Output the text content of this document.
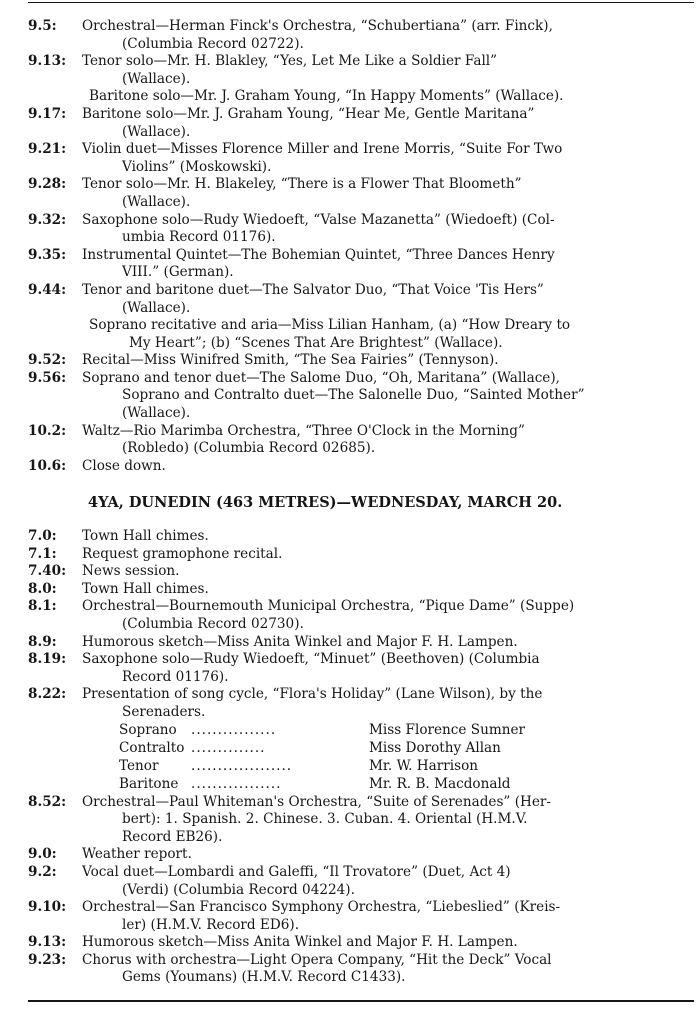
9.5:	Orchestral—Herman Finck's Orchestra, “Schubertiana” (arr. Finck),
(Columbia Record 02722).
9.13:	Tenor solo—Mr. H. Blakley, “Yes, Let Me Like a Soldier Fall”
(Wallace).
Baritone solo—Mr. J. Graham Young, “In Happy Moments” (Wallace).
9.17:	Baritone solo—Mr. J. Graham Young, “Hear Me, Gentle Maritana”
(Wallace).
9.21:	Violin duet—Misses Florence Miller and Irene Morris, “Suite For Two
Violins” (Moskowski).
9.28:	Tenor solo—Mr. H. Blakeley, “There is a Flower That Bloometh”
(Wallace).
9.32:	Saxophone solo—Rudy Wiedoeft, “Valse Mazanetta” (Wiedoeft) (Col-
umbia Record 01176).
9.35:	Instrumental Quintet—The Bohemian Quintet, “Three Dances Henry
VIII.” (German).
9.44:	Tenor and baritone duet—The Salvator Duo, “That Voice 'Tis Hers”
(Wallace).
Soprano recitative and aria—Miss Lilian Hanham, (a) “How Dreary to
My Heart”; (b) “Scenes That Are Brightest” (Wallace).
9.52:	Recital—Miss Winifred Smith, “The Sea Fairies” (Tennyson).
9.56:	Soprano and tenor duet—The Salome Duo, “Oh, Maritana” (Wallace),
Soprano and Contralto duet—The Salonelle Duo, “Sainted Mother”
(Wallace).
10.2:	Waltz—Rio Marimba Orchestra, “Three O'Clock in the Morning”
(Robledo) (Columbia Record 02685).
10.6:	Close down.
4YA, DUNEDIN (463 METRES)—WEDNESDAY, MARCH 20.
7.0:	Town Hall chimes.
7.1:	Request gramophone recital.
7.40:	News session.
8.0:	Town Hall chimes.
8.1:	Orchestral—Bournemouth Municipal Orchestra, “Pique Dame” (Suppe)
(Columbia Record 02730).
8.9:	Humorous sketch—Miss Anita Winkel and Major F. H. Lampen.
8.19:	Saxophone solo—Rudy Wiedoeft, “Minuet” (Beethoven) (Columbia
Record 01176).
8.22:	Presentation of song cycle, “Flora's Holiday” (Lane Wilson), by the
Serenaders.
Soprano	................	Miss Florence Sumner
Contralto ..............	Miss Dorothy Allan
Tenor	...................	Mr. W. Harrison
Baritone .................	Mr. R. B. Macdonald
8.52:	Orchestral—Paul Whiteman's Orchestra, “Suite of Serenades” (Her-
bert): 1. Spanish. 2. Chinese. 3. Cuban. 4. Oriental (H.M.V.
Record EB26).
9.0:	Weather report.
9.2:	Vocal duet—Lombardi and Galeffi, “Il Trovatore” (Duet, Act 4)
(Verdi) (Columbia Record 04224).
9.10:	Orchestral—San Francisco Symphony Orchestra, “Liebeslied” (Kreis-
ler) (H.M.V. Record ED6).
9.13:	Humorous sketch—Miss Anita Winkel and Major F. H. Lampen.
9.23:	Chorus with orchestra—Light Opera Company, “Hit the Deck” Vocal
Gems (Youmans) (H.M.V. Record C1433).
